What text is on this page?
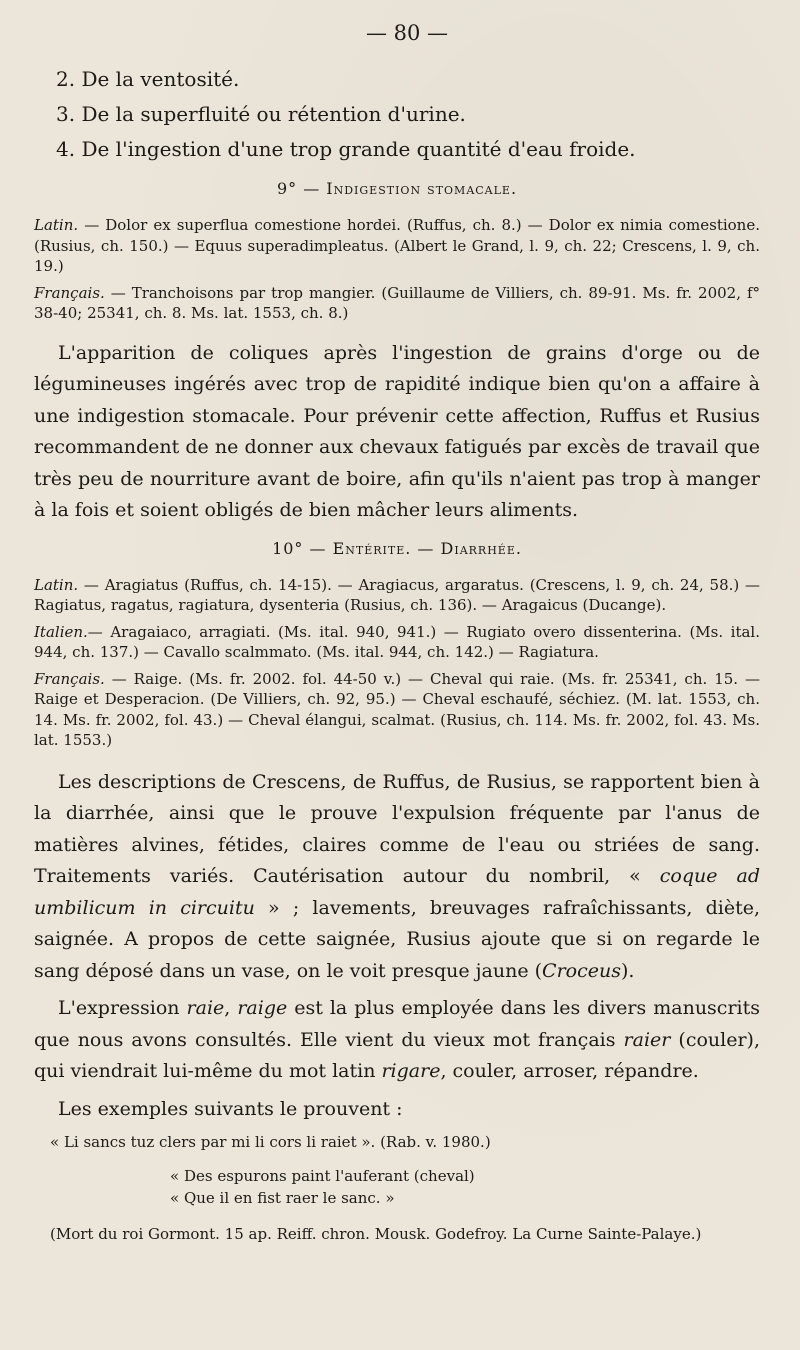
— 80 —
2. De la ventosité.
3. De la superfluité ou rétention d'urine.
4. De l'ingestion d'une trop grande quantité d'eau froide.
9° — Indigestion stomacale.
Latin. — Dolor ex superflua comestione hordei. (Ruffus, ch. 8.) — Dolor ex nimia comestione. (Rusius, ch. 150.) — Equus superadimpleatus. (Albert le Grand, l. 9, ch. 22; Crescens, l. 9, ch. 19.)
Français. — Tranchoisons par trop mangier. (Guillaume de Villiers, ch. 89-91. Ms. fr. 2002, f° 38-40; 25341, ch. 8. Ms. lat. 1553, ch. 8.)

L'apparition de coliques après l'ingestion de grains d'orge ou de légumineuses ingérés avec trop de rapidité indique bien qu'on a affaire à une indigestion stomacale. Pour prévenir cette affection, Ruffus et Rusius recommandent de ne donner aux chevaux fatigués par excès de travail que très peu de nourriture avant de boire, afin qu'ils n'aient pas trop à manger à la fois et soient obligés de bien mâcher leurs aliments.

10° — Entérite. — Diarrhée.
Latin. — Aragiatus (Ruffus, ch. 14-15). — Aragiacus, argaratus. (Crescens, l. 9, ch. 24, 58.) — Ragiatus, ragatus, ragiatura, dysenteria (Rusius, ch. 136). — Aragaicus (Ducange).
Italien.— Aragaiaco, arragiati. (Ms. ital. 940, 941.) — Rugiato overo dissenterina. (Ms. ital. 944, ch. 137.) — Cavallo scalmmato. (Ms. ital. 944, ch. 142.) — Ragiatura.
Français. — Raige. (Ms. fr. 2002. fol. 44-50 v.) — Cheval qui raie. (Ms. fr. 25341, ch. 15. — Raige et Desperacion. (De Villiers, ch. 92, 95.) — Cheval eschaufé, séchiez. (M. lat. 1553, ch. 14. Ms. fr. 2002, fol. 43.) — Cheval élangui, scalmat. (Rusius, ch. 114. Ms. fr. 2002, fol. 43. Ms. lat. 1553.)

Les descriptions de Crescens, de Ruffus, de Rusius, se rapportent bien à la diarrhée, ainsi que le prouve l'expulsion fréquente par l'anus de matières alvines, fétides, claires comme de l'eau ou striées de sang. Traitements variés. Cautérisation autour du nombril, « coque ad umbilicum in circuitu » ; lavements, breuvages rafraîchissants, diète, saignée. A propos de cette saignée, Rusius ajoute que si on regarde le sang déposé dans un vase, on le voit presque jaune (Croceus).

L'expression raie, raige est la plus employée dans les divers manuscrits que nous avons consultés. Elle vient du vieux mot français raier (couler), qui viendrait lui-même du mot latin rigare, couler, arroser, répandre.

Les exemples suivants le prouvent :

« Li sancs tuz clers par mi li cors li raiet ». (Rab. v. 1980.)
« Des espurons paint l'auferant (cheval)
« Que il en fist raer le sanc. »
(Mort du roi Gormont. 15 ap. Reiff. chron. Mousk. Godefroy. La Curne Sainte-Palaye.)
